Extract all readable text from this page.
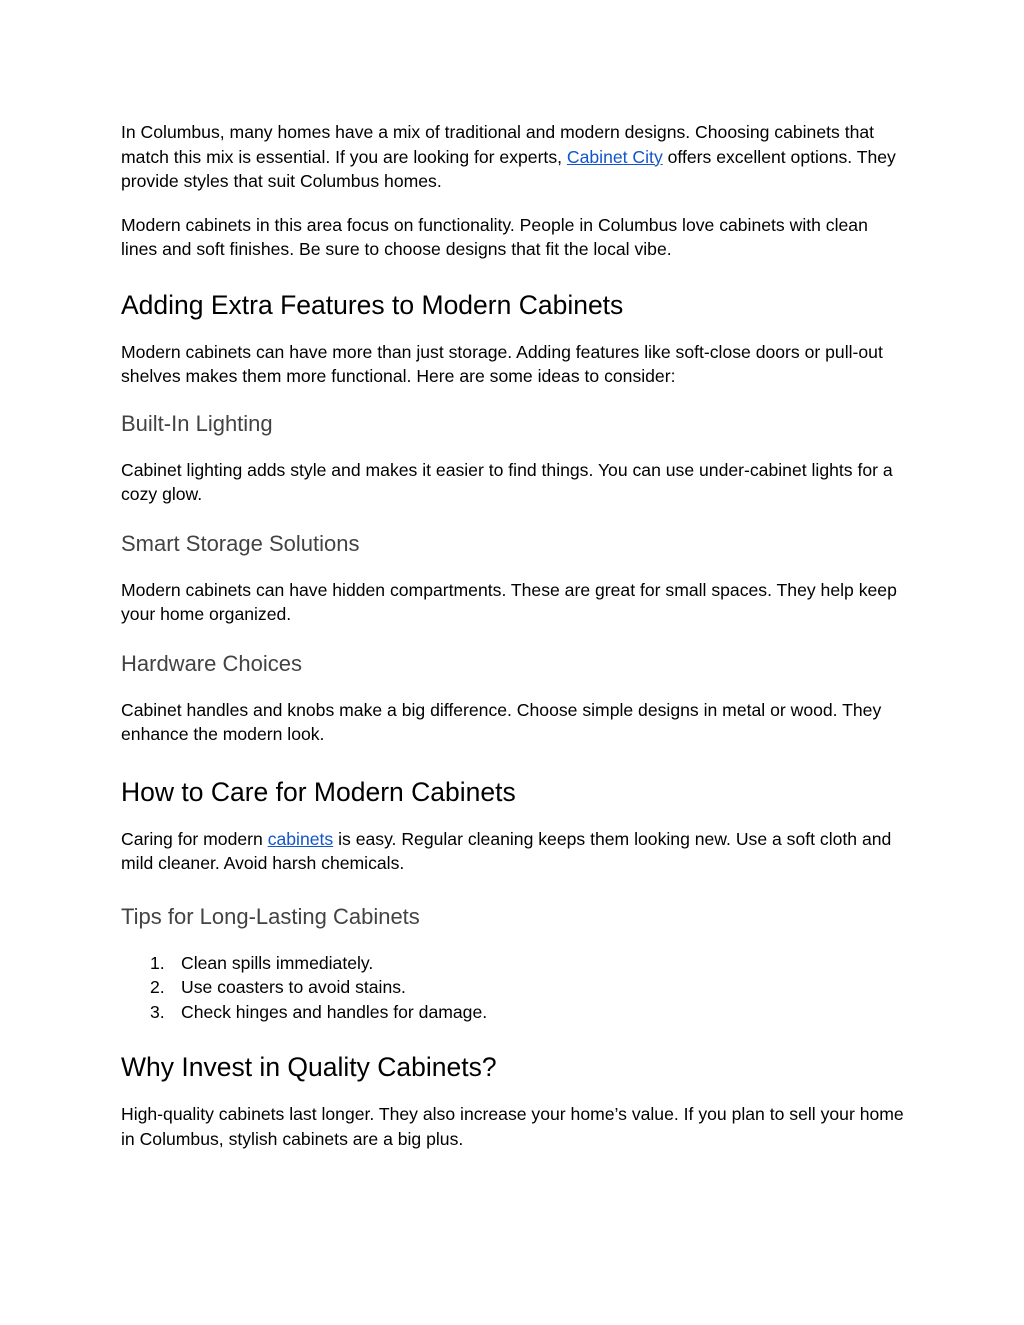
In Columbus, many homes have a mix of traditional and modern designs. Choosing cabinets that match this mix is essential. If you are looking for experts, Cabinet City offers excellent options. They provide styles that suit Columbus homes.

Modern cabinets in this area focus on functionality. People in Columbus love cabinets with clean lines and soft finishes. Be sure to choose designs that fit the local vibe.

Adding Extra Features to Modern Cabinets

Modern cabinets can have more than just storage. Adding features like soft-close doors or pull-out shelves makes them more functional. Here are some ideas to consider:

Built-In Lighting

Cabinet lighting adds style and makes it easier to find things. You can use under-cabinet lights for a cozy glow.

Smart Storage Solutions

Modern cabinets can have hidden compartments. These are great for small spaces. They help keep your home organized.

Hardware Choices

Cabinet handles and knobs make a big difference. Choose simple designs in metal or wood. They enhance the modern look.

How to Care for Modern Cabinets

Caring for modern cabinets is easy. Regular cleaning keeps them looking new. Use a soft cloth and mild cleaner. Avoid harsh chemicals.

Tips for Long-Lasting Cabinets
1. Clean spills immediately.
2. Use coasters to avoid stains.
3. Check hinges and handles for damage.
Why Invest in Quality Cabinets?

High-quality cabinets last longer. They also increase your home’s value. If you plan to sell your home in Columbus, stylish cabinets are a big plus.
